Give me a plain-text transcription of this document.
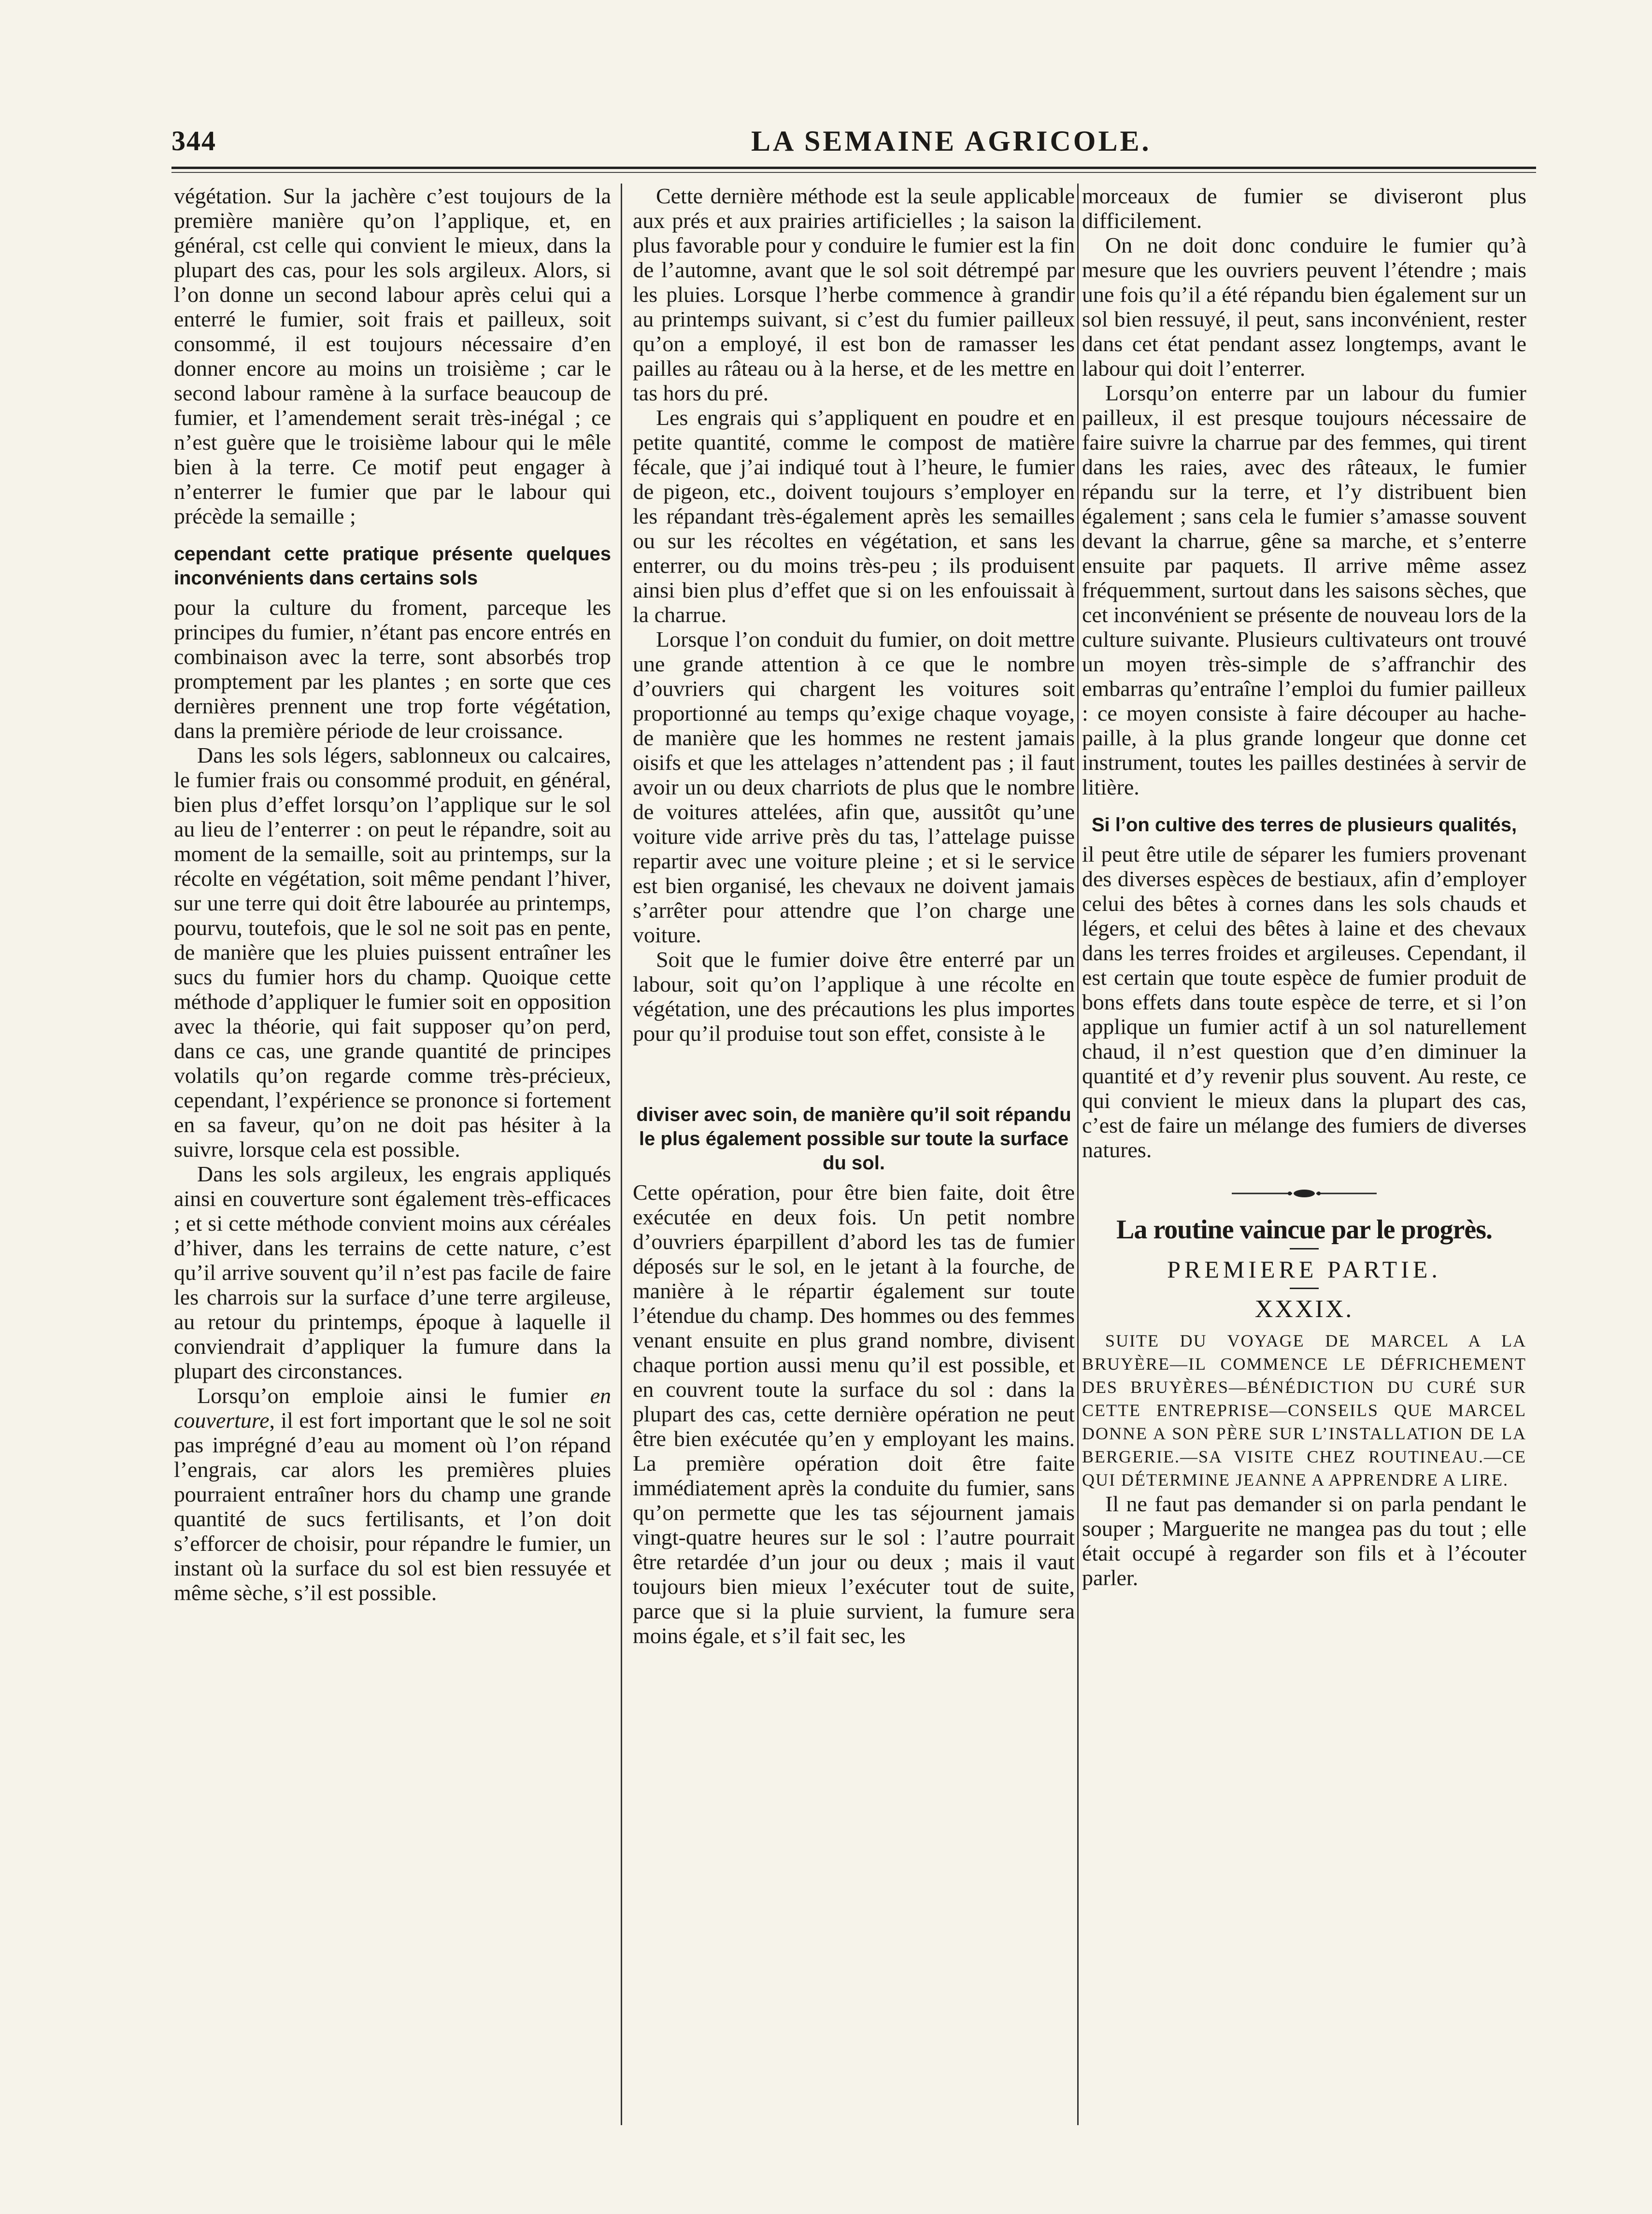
344	LA SEMAINE AGRICOLE.

végétation. Sur la jachère c’est toujours de la première manière qu’on l’applique, et, en général, cst celle qui convient le mieux, dans la plupart des cas, pour les sols argileux. Alors, si l’on donne un second labour après celui qui a enterré le fumier, soit frais et pailleux, soit consommé, il est toujours nécessaire d’en donner encore au moins un troisième ; car le second labour ramène à la surface beaucoup de fumier, et l’amendement serait très-inégal ; ce n’est guère que le troisième labour qui le mêle bien à la terre. Ce motif peut engager à n’enterrer le fumier que par le labour qui précède la semaille ;

cependant cette pratique présente quelques inconvénients dans certains sols

pour la culture du froment, parceque les principes du fumier, n’étant pas encore entrés en combinaison avec la terre, sont absorbés trop promptement par les plantes ; en sorte que ces dernières prennent une trop forte végétation, dans la première période de leur croissance.

Dans les sols légers, sablonneux ou calcaires, le fumier frais ou consommé produit, en général, bien plus d’effet lorsqu’on l’applique sur le sol au lieu de l’enterrer : on peut le répandre, soit au moment de la semaille, soit au printemps, sur la récolte en végétation, soit même pendant l’hiver, sur une terre qui doit être labourée au printemps, pourvu, toutefois, que le sol ne soit pas en pente, de manière que les pluies puissent entraîner les sucs du fumier hors du champ. Quoique cette méthode d’appliquer le fumier soit en opposition avec la théorie, qui fait supposer qu’on perd, dans ce cas, une grande quantité de principes volatils qu’on regarde comme très-précieux, cependant, l’expérience se prononce si fortement en sa faveur, qu’on ne doit pas hésiter à la suivre, lorsque cela est possible.

Dans les sols argileux, les engrais appliqués ainsi en couverture sont également très-efficaces ; et si cette méthode convient moins aux céréales d’hiver, dans les terrains de cette nature, c’est qu’il arrive souvent qu’il n’est pas facile de faire les charrois sur la surface d’une terre argileuse, au retour du printemps, époque à laquelle il conviendrait d’appliquer la fumure dans la plupart des circonstances.

Lorsqu’on emploie ainsi le fumier en couverture, il est fort important que le sol ne soit pas imprégné d’eau au moment où l’on répand l’engrais, car alors les premières pluies pourraient entraîner hors du champ une grande quantité de sucs fertilisants, et l’on doit s’efforcer de choisir, pour répandre le fumier, un instant où la surface du sol est bien ressuyée et même sèche, s’il est possible.

Cette dernière méthode est la seule applicable aux prés et aux prairies artificielles ; la saison la plus favorable pour y conduire le fumier est la fin de l’automne, avant que le sol soit détrempé par les pluies. Lorsque l’herbe commence à grandir au printemps suivant, si c’est du fumier pailleux qu’on a employé, il est bon de ramasser les pailles au râteau ou à la herse, et de les mettre en tas hors du pré.

Les engrais qui s’appliquent en poudre et en petite quantité, comme le compost de matière fécale, que j’ai indiqué tout à l’heure, le fumier de pigeon, etc., doivent toujours s’employer en les répandant très-également après les semailles ou sur les récoltes en végétation, et sans les enterrer, ou du moins très-peu ; ils produisent ainsi bien plus d’effet que si on les enfouissait à la charrue.

Lorsque l’on conduit du fumier, on doit mettre une grande attention à ce que le nombre d’ouvriers qui chargent les voitures soit proportionné au temps qu’exige chaque voyage, de manière que les hommes ne restent jamais oisifs et que les attelages n’attendent pas ; il faut avoir un ou deux charriots de plus que le nombre de voitures attelées, afin que, aussitôt qu’une voiture vide arrive près du tas, l’attelage puisse repartir avec une voiture pleine ; et si le service est bien organisé, les chevaux ne doivent jamais s’arrêter pour attendre que l’on charge une voiture.

Soit que le fumier doive être enterré par un labour, soit qu’on l’applique à une récolte en végétation, une des précautions les plus importes pour qu’il produise tout son effet, consiste à le

diviser avec soin, de manière qu’il soit répandu le plus également possible sur toute la surface du sol.

Cette opération, pour être bien faite, doit être exécutée en deux fois. Un petit nombre d’ouvriers éparpillent d’abord les tas de fumier déposés sur le sol, en le jetant à la fourche, de manière à le répartir également sur toute l’étendue du champ. Des hommes ou des femmes venant ensuite en plus grand nombre, divisent chaque portion aussi menu qu’il est possible, et en couvrent toute la surface du sol : dans la plupart des cas, cette dernière opération ne peut être bien exécutée qu’en y employant les mains. La première opération doit être faite immédiatement après la conduite du fumier, sans qu’on permette que les tas séjournent jamais vingt-quatre heures sur le sol : l’autre pourrait être retardée d’un jour ou deux ; mais il vaut toujours bien mieux l’exécuter tout de suite, parce que si la pluie survient, la fumure sera moins égale, et s’il fait sec, les

morceaux de fumier se diviseront plus difficilement.

On ne doit donc conduire le fumier qu’à mesure que les ouvriers peuvent l’étendre ; mais une fois qu’il a été répandu bien également sur un sol bien ressuyé, il peut, sans inconvénient, rester dans cet état pendant assez longtemps, avant le labour qui doit l’enterrer.

Lorsqu’on enterre par un labour du fumier pailleux, il est presque toujours nécessaire de faire suivre la charrue par des femmes, qui tirent dans les raies, avec des râteaux, le fumier répandu sur la terre, et l’y distribuent bien également ; sans cela le fumier s’amasse souvent devant la charrue, gêne sa marche, et s’enterre ensuite par paquets. Il arrive même assez fréquemment, surtout dans les saisons sèches, que cet inconvénient se présente de nouveau lors de la culture suivante. Plusieurs cultivateurs ont trouvé un moyen très-simple de s’affranchir des embarras qu’entraîne l’emploi du fumier pailleux : ce moyen consiste à faire découper au hache-paille, à la plus grande longeur que donne cet instrument, toutes les pailles destinées à servir de litière.

Si l’on cultive des terres de plusieurs qualités,

il peut être utile de séparer les fumiers provenant des diverses espèces de bestiaux, afin d’employer celui des bêtes à cornes dans les sols chauds et légers, et celui des bêtes à laine et des chevaux dans les terres froides et argileuses. Cependant, il est certain que toute espèce de fumier produit de bons effets dans toute espèce de terre, et si l’on applique un fumier actif à un sol naturellement chaud, il n’est question que d’en diminuer la quantité et d’y revenir plus souvent. Au reste, ce qui convient le mieux dans la plupart des cas, c’est de faire un mélange des fumiers de diverses natures.

La routine vaincue par le progrès.
PREMIERE PARTIE.
XXXIX.

SUITE DU VOYAGE DE MARCEL A LA BRUYÈRE—IL COMMENCE LE DÉFRICHEMENT DES BRUYÈRES—BÉNÉDICTION DU CURÉ SUR CETTE ENTREPRISE—CONSEILS QUE MARCEL DONNE A SON PÈRE SUR L’INSTALLATION DE LA BERGERIE.—SA VISITE CHEZ ROUTINEAU.—CE QUI DÉTERMINE JEANNE A APPRENDRE A LIRE.

Il ne faut pas demander si on parla pendant le souper ; Marguerite ne mangea pas du tout ; elle était occupé à regarder son fils et à l’écouter parler.
